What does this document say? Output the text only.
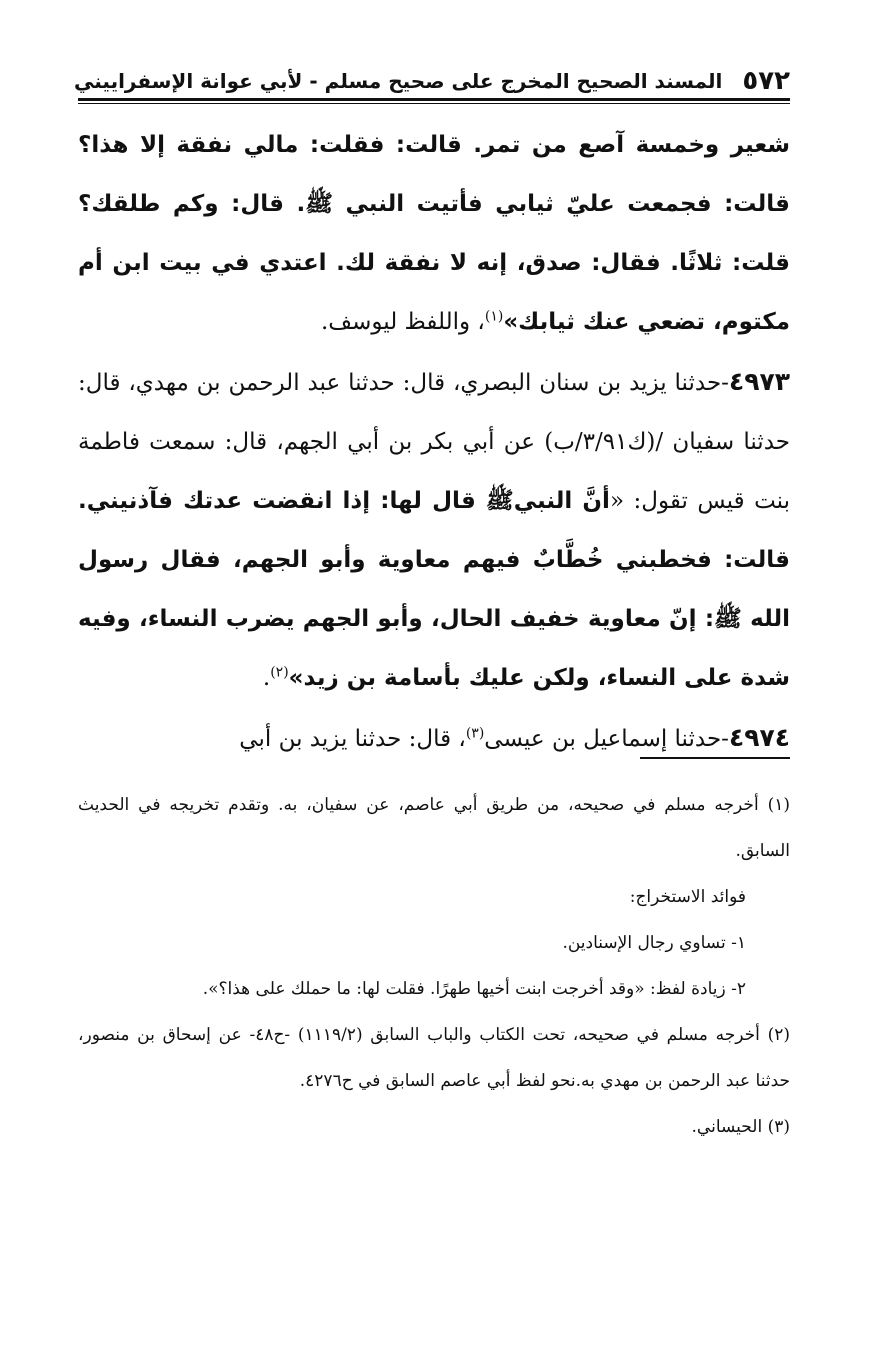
٥٧٢
المسند الصحيح المخرج على صحيح مسلم - لأبي عوانة الإسفراييني

شعير وخمسة آصع من تمر. قالت: فقلت: مالي نفقة إلا هذا؟ قالت: فجمعت عليّ ثيابي فأتيت النبي ﷺ. قال: وكم طلقك؟ قلت: ثلاثًا. فقال: صدق، إنه لا نفقة لك. اعتدي في بيت ابن أم مكتوم، تضعي عنك ثيابك»$^{(١)}$، واللفظ ليوسف.

٤٩٧٣-حدثنا يزيد بن سنان البصري، قال: حدثنا عبد الرحمن بن مهدي، قال: حدثنا سفيان /(ك٣/٩١/ب) عن أبي بكر بن أبي الجهم، قال: سمعت فاطمة بنت قيس تقول: «أنَّ النبيﷺ قال لها: إذا انقضت عدتك فآذنيني. قالت: فخطبني خُطَّابٌ فيهم معاوية وأبو الجهم، فقال رسول الله ﷺ: إنّ معاوية خفيف الحال، وأبو الجهم يضرب النساء، وفيه شدة على النساء، ولكن عليك بأسامة بن زيد»$^{(٢)}$.

٤٩٧٤-حدثنا إسماعيل بن عيسى$^{(٣)}$، قال: حدثنا يزيد بن أبي

(١) أخرجه مسلم في صحيحه، من طريق أبي عاصم، عن سفيان، به. وتقدم تخريجه في الحديث السابق.

فوائد الاستخراج:

١- تساوي رجال الإسنادين.

٢- زيادة لفظ: «وقد أخرجت ابنت أخيها طهرًا. فقلت لها: ما حملك على هذا؟».

(٢) أخرجه مسلم في صحيحه، تحت الكتاب والباب السابق (١١١٩/٢) -ح٤٨- عن إسحاق بن منصور، حدثنا عبد الرحمن بن مهدي به.نحو لفظ أبي عاصم السابق في ح٤٢٧٦.

(٣) الحيساني.
